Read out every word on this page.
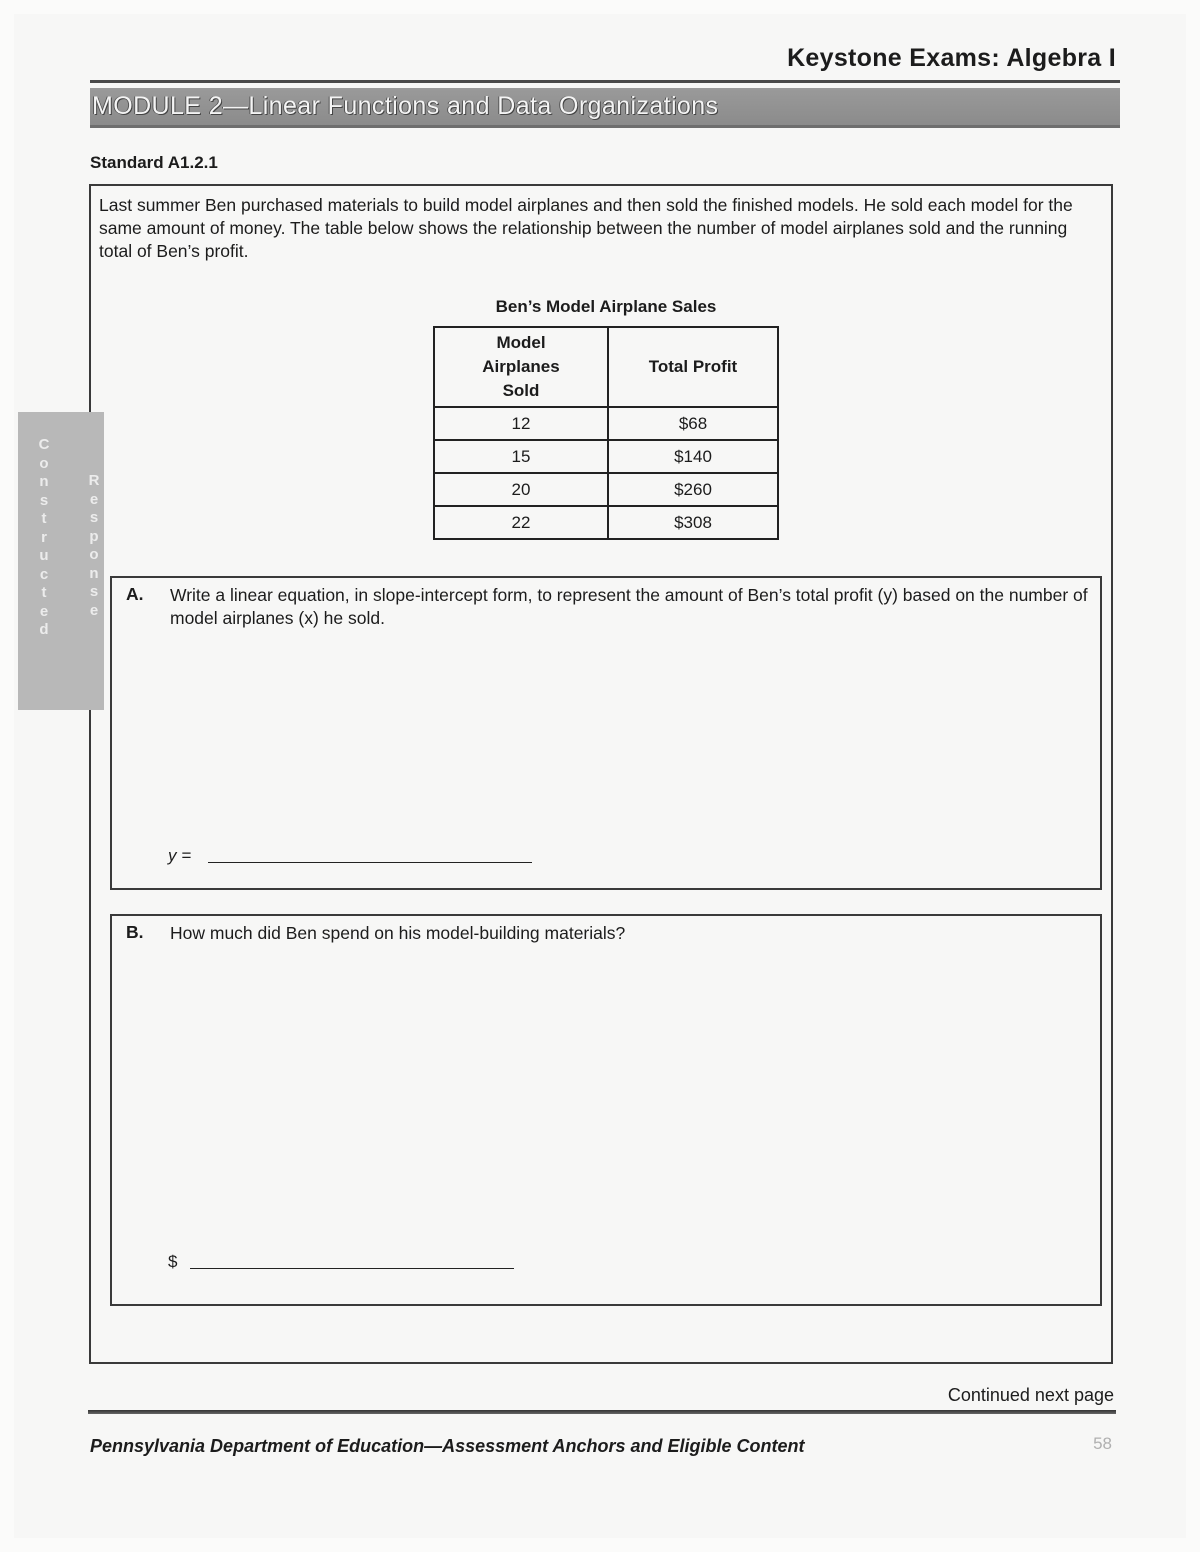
Keystone Exams: Algebra I
MODULE 2—Linear Functions and Data Organizations
Standard A1.2.1
Last summer Ben purchased materials to build model airplanes and then sold the finished models. He sold each model for the same amount of money. The table below shows the relationship between the number of model airplanes sold and the running total of Ben’s profit.
Ben’s Model Airplane Sales
Model
Airplanes
Sold	Total Profit
12	$68
15	$140
20	$260
22	$308
C
o
n
s
t
r
u
c
t
e
d
R
e
s
p
o
n
s
e
A. Write a linear equation, in slope-intercept form, to represent the amount of Ben’s total profit (y) based on the number of model airplanes (x) he sold.
y =
B. How much did Ben spend on his model-building materials?
$
Continued next page
Pennsylvania Department of Education—Assessment Anchors and Eligible Content	58
